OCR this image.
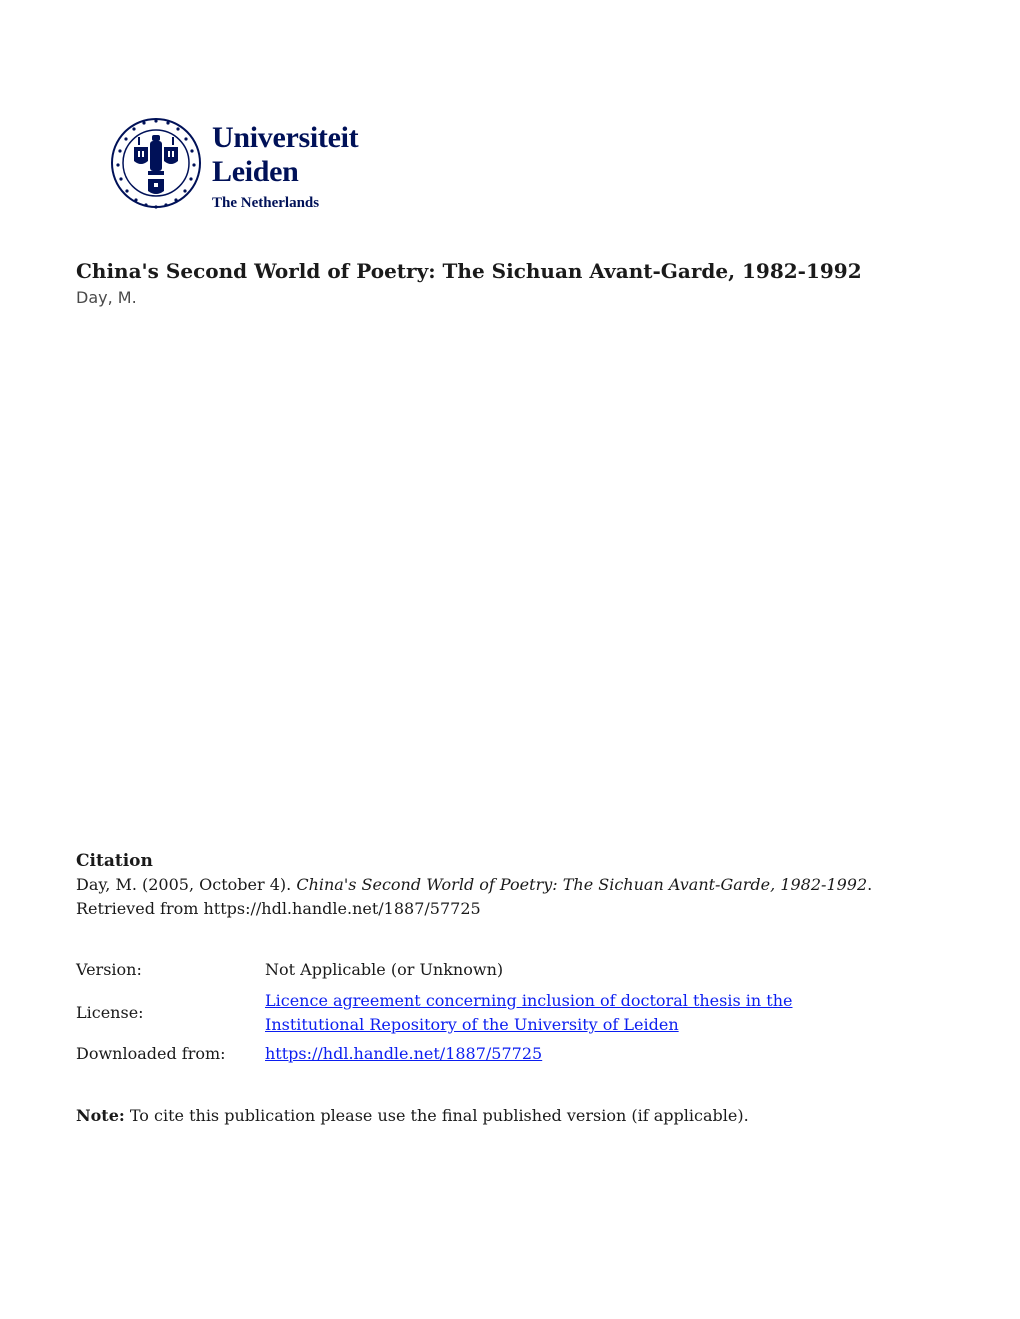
Universiteit
Leiden
The Netherlands
China's Second World of Poetry: The Sichuan Avant-Garde, 1982-1992
Day, M.
Citation
Day, M. (2005, October 4). China's Second World of Poetry: The Sichuan Avant-Garde, 1982-1992. Retrieved from https://hdl.handle.net/1887/57725
Version:	Not Applicable (or Unknown)
License:
Licence agreement concerning inclusion of doctoral thesis in the Institutional Repository of the University of Leiden
Downloaded from:	https://hdl.handle.net/1887/57725
Note: To cite this publication please use the final published version (if applicable).
